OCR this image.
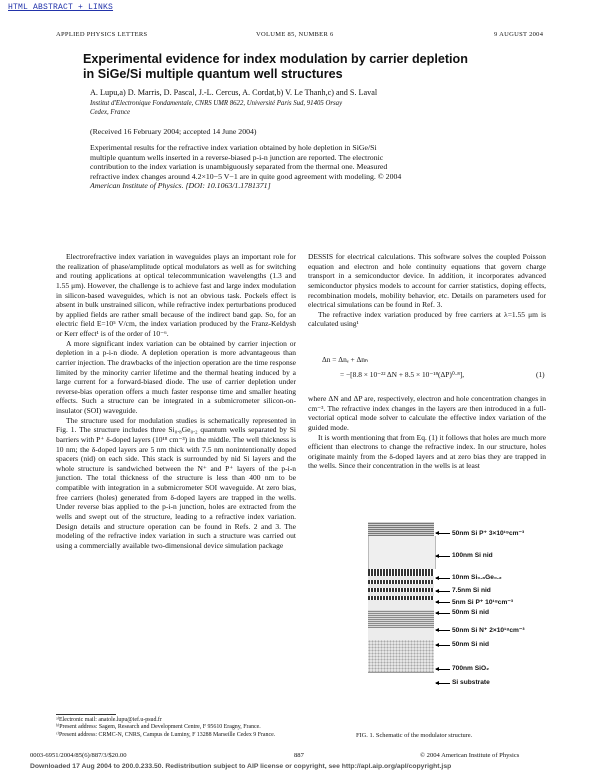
HTML ABSTRACT + LINKS
APPLIED PHYSICS LETTERS	VOLUME 85, NUMBER 6	9 AUGUST 2004
Experimental evidence for index modulation by carrier depletion
in SiGe/Si multiple quantum well structures
A. Lupu,a) D. Marris, D. Pascal, J.-L. Cercus, A. Cordat,b) V. Le Thanh,c) and S. Laval
Institut d'Electronique Fondamentale, CNRS UMR 8622, Université Paris Sud, 91405 Orsay
Cedex, France
(Received 16 February 2004; accepted 14 June 2004)
Experimental results for the refractive index variation obtained by hole depletion in SiGe/Si
multiple quantum wells inserted in a reverse-biased p-i-n junction are reported. The electronic
contribution to the index variation is unambiguously separated from the thermal one. Measured
refractive index changes around 4.2×10−5 V−1 are in quite good agreement with modeling. © 2004
American Institute of Physics. [DOI: 10.1063/1.1781371]

Electrorefractive index variation in waveguides plays an important role for the realization of phase/amplitude optical modulators as well as for switching and routing applications at optical telecommunication wavelengths (1.3 and 1.55 μm). However, the challenge is to achieve fast and large index modulation in silicon-based waveguides, which is not an obvious task. Pockels effect is absent in bulk unstrained silicon, while refractive index perturbations produced by applied fields are rather small because of the indirect band gap. So, for an electric field E=10⁵ V/cm, the index variation produced by the Franz-Keldysh or Kerr effect¹ is of the order of 10⁻⁶.

A more significant index variation can be obtained by carrier injection or depletion in a p-i-n diode. A depletion operation is more advantageous than carrier injection. The drawbacks of the injection operation are the time response limited by the minority carrier lifetime and the thermal heating induced by a large current for a forward-biased diode. The use of carrier depletion under reverse-bias operation offers a much faster response time and smaller heating effects. Such a structure can be integrated in a submicrometer silicon-on-insulator (SOI) waveguide.

The structure used for modulation studies is schematically represented in Fig. 1. The structure includes three Si₀.₈Ge₀.₂ quantum wells separated by Si barriers with P⁺ δ-doped layers (10¹⁸ cm⁻³) in the middle. The well thickness is 10 nm; the δ-doped layers are 5 nm thick with 7.5 nm nonintentionally doped spacers (nid) on each side. This stack is surrounded by nid Si layers and the whole structure is sandwiched between the N⁺ and P⁺ layers of the p-i-n junction. The total thickness of the structure is less than 400 nm to be compatible with integration in a submicrometer SOI waveguide. At zero bias, free carriers (holes) generated from δ-doped layers are trapped in the wells. Under reverse bias applied to the p-i-n junction, holes are extracted from the wells and swept out of the structure, leading to a refractive index variation. Design details and structure operation can be found in Refs. 2 and 3. The modeling of the refractive index variation in such a structure was carried out using a commercially available two-dimensional device simulation package

DESSIS for electrical calculations. This software solves the coupled Poisson equation and electron and hole continuity equations that govern charge transport in a semiconductor device. In addition, it incorporates advanced semiconductor physics models to account for carrier statistics, doping effects, recombination models, mobility behavior, etc. Details on parameters used for electrical simulations can be found in Ref. 3.

The refractive index variation produced by free carriers at λ=1.55 μm is calculated using¹

Δn = Δnₑ + Δnₕ
= −[8.8 × 10⁻²² ΔN + 8.5 × 10⁻¹⁸(ΔP)⁰·⁸],	(1)

where ΔN and ΔP are, respectively, electron and hole concentration changes in cm⁻³. The refractive index changes in the layers are then introduced in a full-vectorial optical mode solver to calculate the effective index variation of the guided mode.

It is worth mentioning that from Eq. (1) it follows that holes are much more efficient than electrons to change the refractive index. In our structure, holes originate mainly from the δ-doped layers and at zero bias they are trapped in the wells. Since their concentration in the wells is at least

50nm Si P⁺ 3×10¹⁹cm⁻³
100nm Si nid
10nm Si₀.₈Ge₀.₂
7.5nm Si nid
5nm Si P⁺ 10¹⁸cm⁻³
50nm Si nid
50nm Si N⁺ 2×10¹⁸cm⁻³
50nm Si nid
700nm SiO₂
Si substrate
FIG. 1. Schematic of the modulator structure.
ᵃ⁾Electronic mail: anatole.lupu@ief.u-psud.fr
ᵇ⁾Present address: Sagem, Research and Development Centre, F 95610 Eragny, France.
ᶜ⁾Present address: CRMC-N, CNRS, Campus de Luminy, F 13288 Marseille Cedex 9 France.
0003-6951/2004/85(6)/887/3/$20.00	887	© 2004 American Institute of Physics
Downloaded 17 Aug 2004 to 200.0.233.50. Redistribution subject to AIP license or copyright, see http://apl.aip.org/apl/copyright.jsp
